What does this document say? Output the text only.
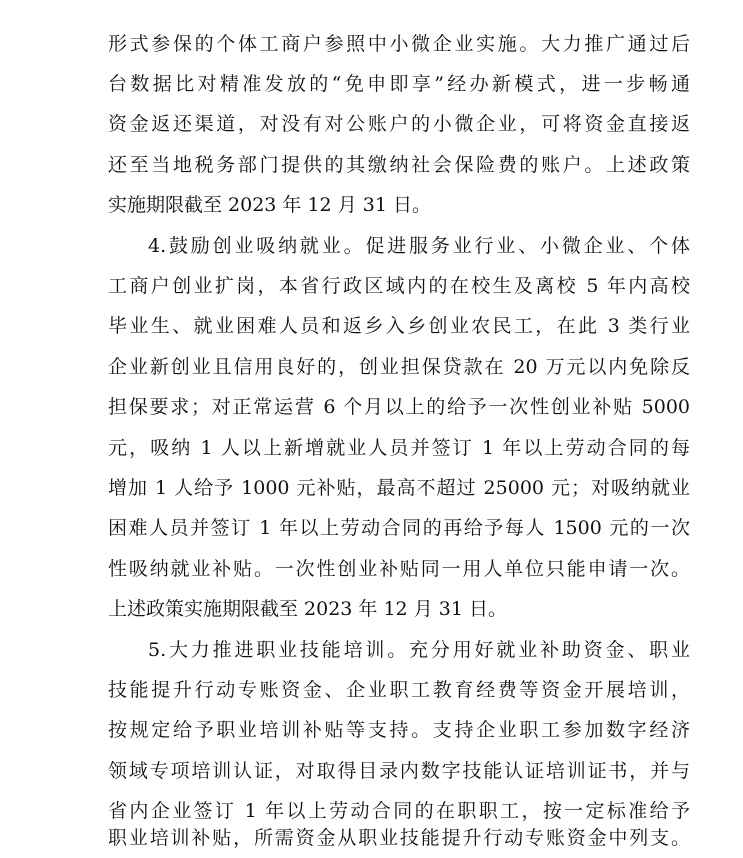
形式参保的个体工商户参照中小微企业实施。大力推广通过后
台数据比对精准发放的“免申即享”经办新模式，进一步畅通
资金返还渠道，对没有对公账户的小微企业，可将资金直接返
还至当地税务部门提供的其缴纳社会保险费的账户。上述政策
实施期限截至 2023 年 12 月 31 日。
4.鼓励创业吸纳就业。促进服务业行业、小微企业、个体
工商户创业扩岗，本省行政区域内的在校生及离校 5 年内高校
毕业生、就业困难人员和返乡入乡创业农民工，在此 3 类行业
企业新创业且信用良好的，创业担保贷款在 20 万元以内免除反
担保要求；对正常运营 6 个月以上的给予一次性创业补贴 5000
元，吸纳 1 人以上新增就业人员并签订 1 年以上劳动合同的每
增加 1 人给予 1000 元补贴，最高不超过 25000 元；对吸纳就业
困难人员并签订 1 年以上劳动合同的再给予每人 1500 元的一次
性吸纳就业补贴。一次性创业补贴同一用人单位只能申请一次。
上述政策实施期限截至 2023 年 12 月 31 日。
5.大力推进职业技能培训。充分用好就业补助资金、职业
技能提升行动专账资金、企业职工教育经费等资金开展培训，
按规定给予职业培训补贴等支持。支持企业职工参加数字经济
领域专项培训认证，对取得目录内数字技能认证培训证书，并与
省内企业签订 1 年以上劳动合同的在职职工，按一定标准给予
职业培训补贴，所需资金从职业技能提升行动专账资金中列支。
